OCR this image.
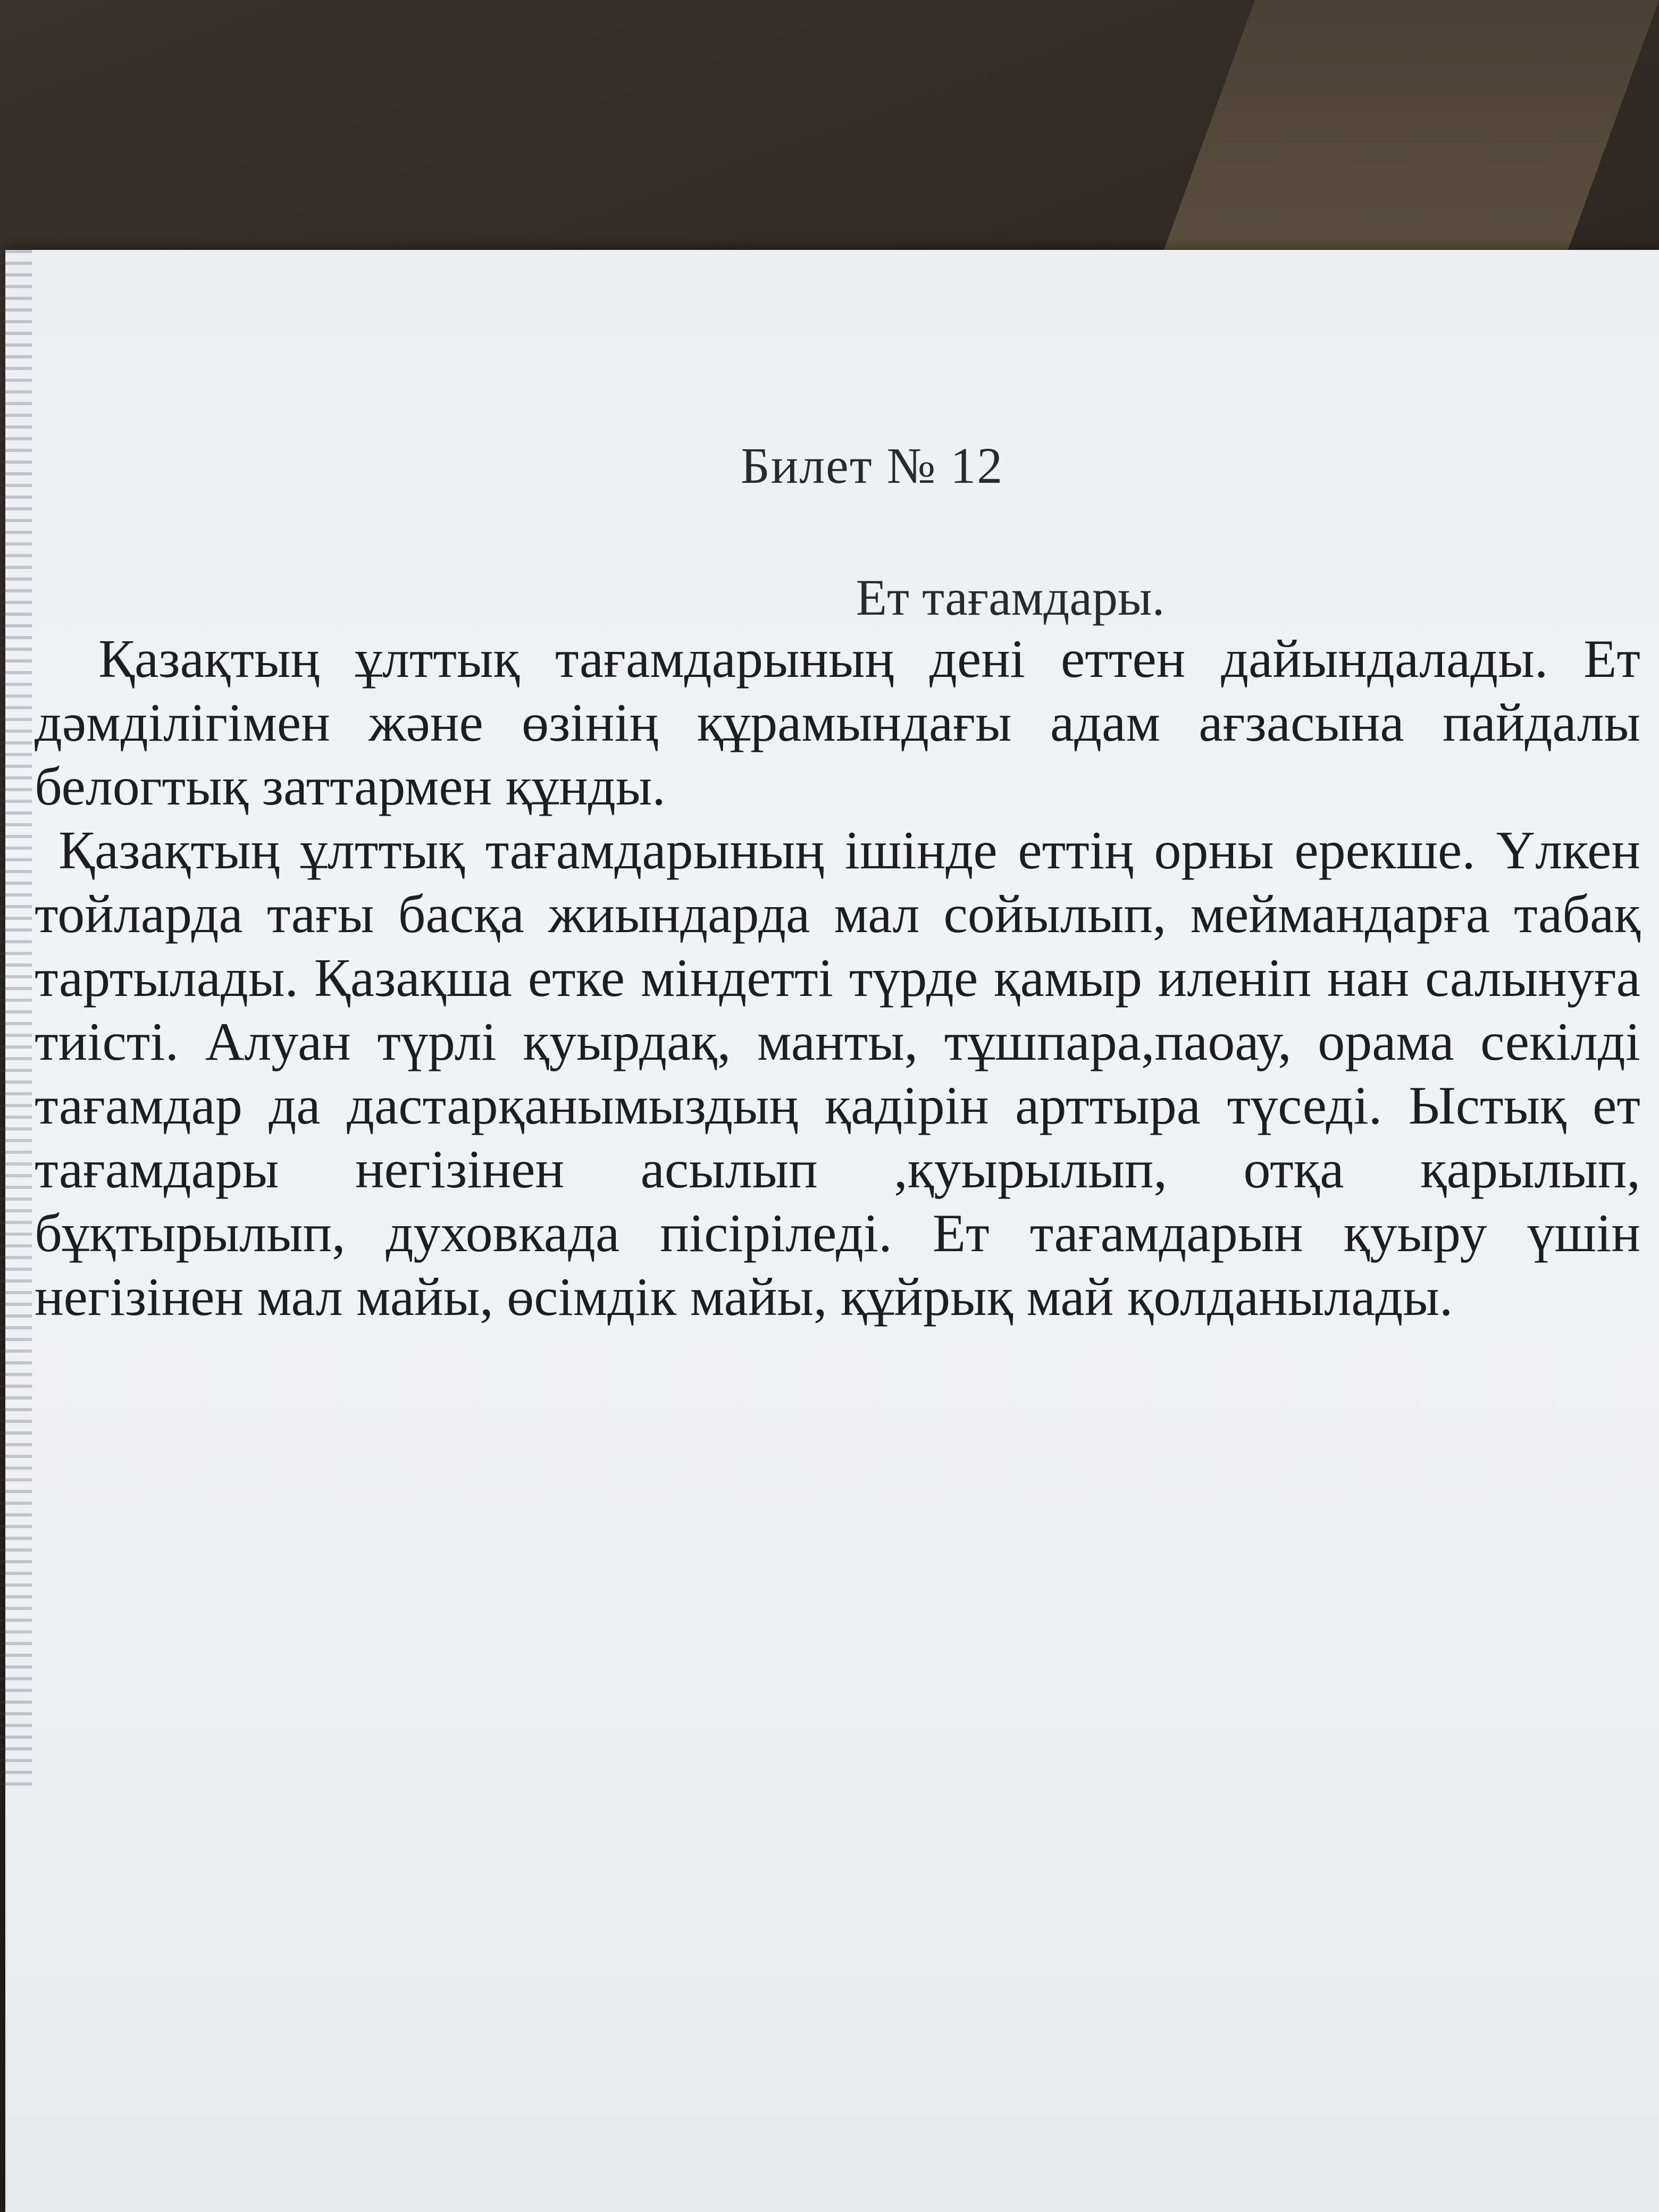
Билет № 12
Ет тағамдары.

Қазақтың ұлттық тағамдарының дені еттен дайындалады. Ет дәмділігімен және өзінің құрамындағы адам ағзасына пайдалы белогтық заттармен құнды.

Қазақтың ұлттық тағамдарының ішінде еттің орны ерекше. Үлкен тойларда тағы басқа жиындарда мал сойылып, меймандарға табақ тартылады. Қазақша етке міндетті түрде қамыр иленіп нан салынуға тиісті. Алуан түрлі қуырдақ, манты, тұшпара,паоау, орама секілді тағамдар да дастарқанымыздың қадірін арттыра түседі. Ыстық ет тағамдары негізінен асылып ,қуырылып, отқа қарылып, бұқтырылып, духовкада пісіріледі. Ет тағамдарын қуыру үшін негізінен мал майы, өсімдік майы, құйрық май қолданылады.
